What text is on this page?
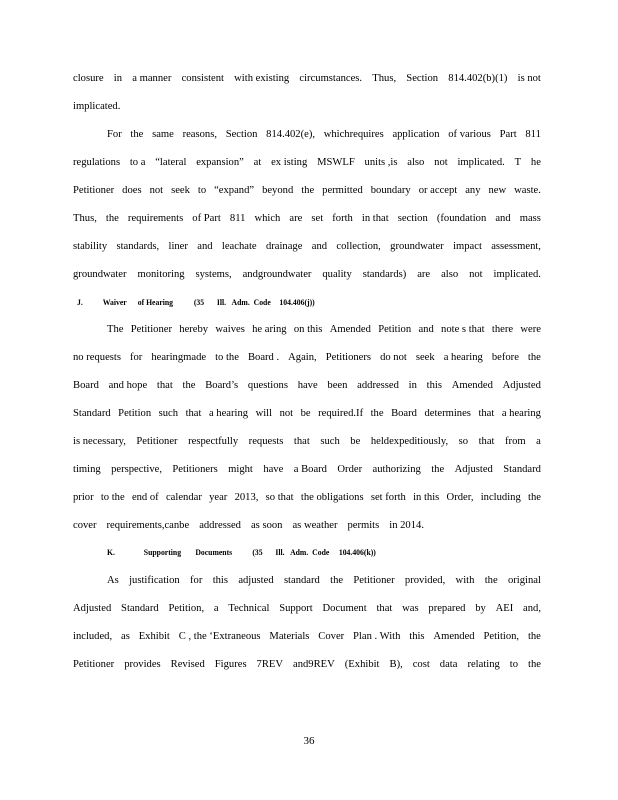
closure in a manner consistent with existing circumstances. Thus, Section 814.402(b)(1) is not
implicated.
For the same reasons, Section 814.402(e), whichrequires application of various Part 811
regulations to a “lateral expansion” at ex isting MSWLF units ,is also not implicated. T he
Petitioner does not seek to “expand” beyond the permitted boundary or accept any new waste.
Thus, the requirements of Part 811 which are set forth in that section (foundation and mass
stability standards, liner and leachate drainage and collection, groundwater impact assessment,
groundwater monitoring systems, andgroundwater quality standards) are also not implicated.
The Petitioner hereby waives he aring on this Amended Petition and note s that there were
no requests for hearingmade to the Board . Again, Petitioners do not seek a hearing before the
Board and hope that the Board’s questions have been addressed in this Amended Adjusted
Standard Petition such that a hearing will not be required.If the Board determines that a hearing
is necessary, Petitioner respectfully requests that such be heldexpeditiously, so that from a
timing perspective, Petitioners might have a Board Order authorizing the Adjusted Standard
prior to the end of calendar year 2013, so that the obligations set forth in this Order, including the
cover requirements,canbe addressed as soon as weather permits in 2014.
As justification for this adjusted standard the Petitioner provided, with the original
Adjusted Standard Petition, a Technical Support Document that was prepared by AEI and,
included, as Exhibit C , the ‘Extraneous Materials Cover Plan . With this Amended Petition, the
Petitioner provides Revised Figures 7REV and9REV (Exhibit B), cost data relating to the
J. Waiver of Hearing (35 Ill. Adm. Code 104.406(j))
K.	Supporting Documents (35 Ill. Adm. Code 104.406(k))
36
